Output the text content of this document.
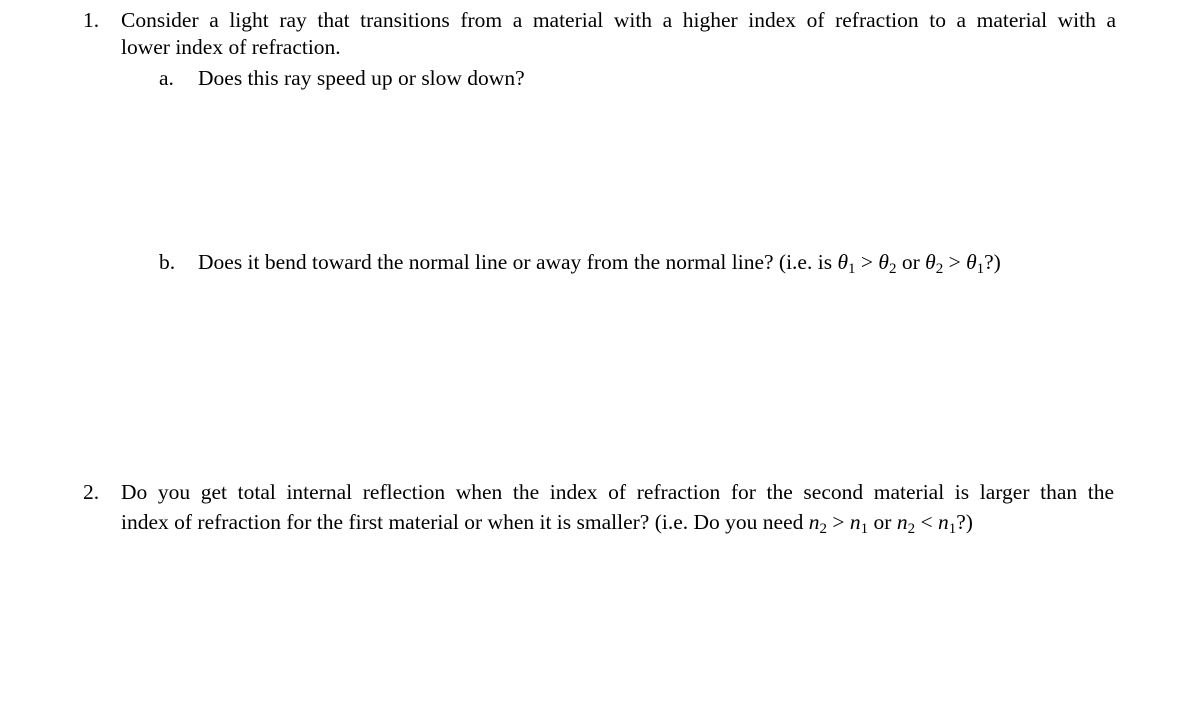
1. Consider a light ray that transitions from a material with a higher index of refraction to a material with a
lower index of refraction.
a. Does this ray speed up or slow down?
b. Does it bend toward the normal line or away from the normal line? (i.e. is $\theta_1 > \theta_2$ or $\theta_2$ > $\theta_1$?)
2. Do you get total internal reflection when the index of refraction for the second material is larger than the
index of refraction for the first material or when it is smaller? (i.e. Do you need $n_2 > n_1$ or $n_2$ < $n_1$?)
